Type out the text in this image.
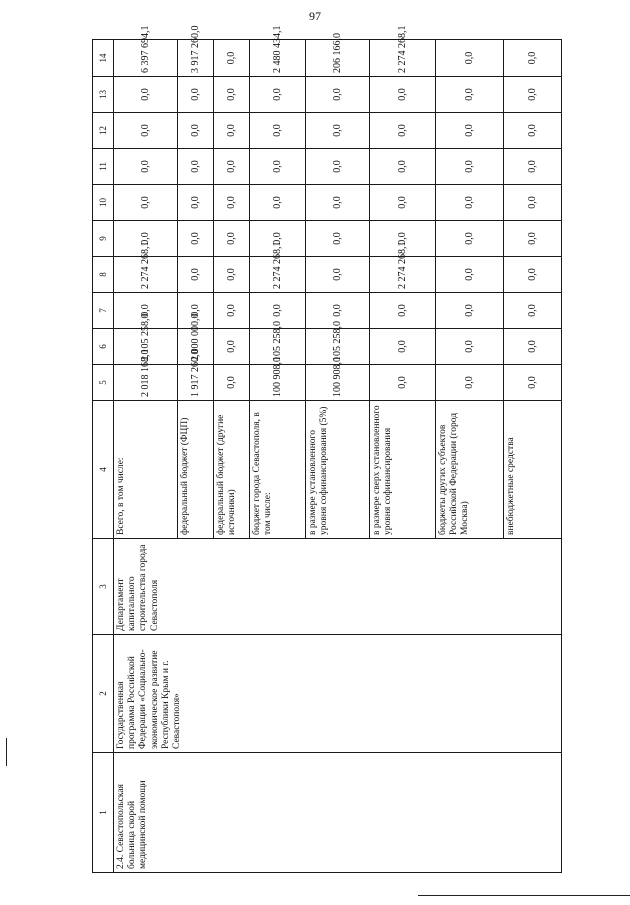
97
1	2	3	4	5	6	7	8	9	10	11	12	13	14
2.4. Севастопольская больница скорой медицинской помощи	Государственная программа Российской Федерации «Социально-экономическое развитие Республики Крым и г. Севастополя»	Департамент капитального строительства города Севастополя	Всего, в том числе:	2 018 168,0	2 105 258,0	0,0	2 274 268,1	0,0	0,0	0,0	0,0	0,0	6 397 694,1
			федеральный бюджет (ФЦП)	1 917 260,0	2 000 000,0	0,0	0,0	0,0	0,0	0,0	0,0	0,0	3 917 260,0
			федеральный бюджет (другие источники)	0,0	0,0	0,0	0,0	0,0	0,0	0,0	0,0	0,0	0,0
			бюджет города Севастополя, в том числе:	100 908,0	105 258,0	0,0	2 274 268,1	0,0	0,0	0,0	0,0	0,0	2 480 434,1
			в размере установленного уровня софинансирования (5%)	100 908,0	105 258,0	0,0	0,0	0,0	0,0	0,0	0,0	0,0	206 166,0
			в размере сверх установленного уровня софинансирования	0,0	0,0	0,0	2 274 268,1	0,0	0,0	0,0	0,0	0,0	2 274 268,1
			бюджеты других субъектов Российской Федерации (город Москва)	0,0	0,0	0,0	0,0	0,0	0,0	0,0	0,0	0,0	0,0
			внебюджетные средства	0,0	0,0	0,0	0,0	0,0	0,0	0,0	0,0	0,0	0,0
